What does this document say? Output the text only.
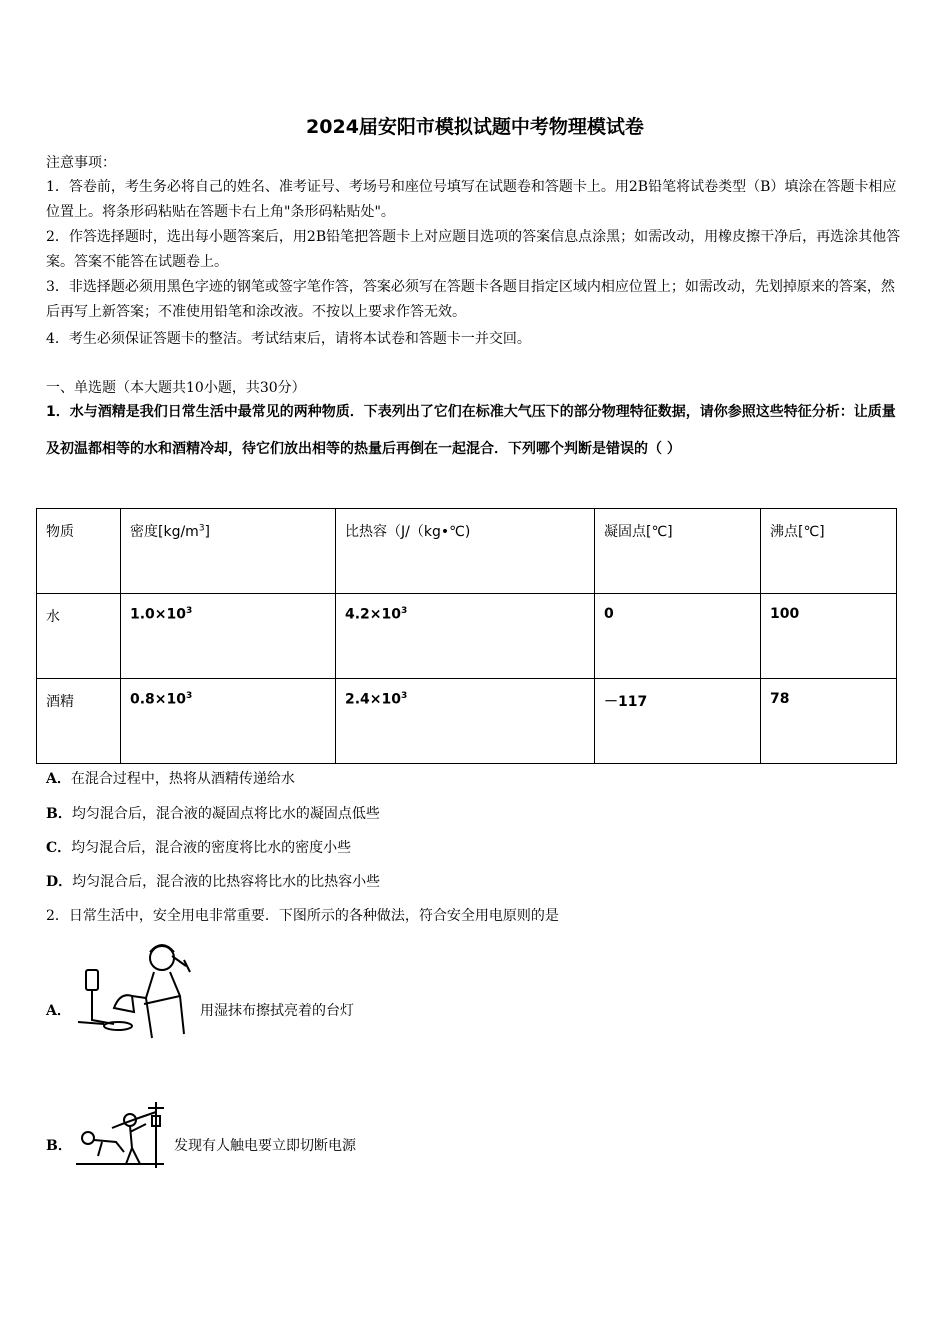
2024届安阳市模拟试题中考物理模试卷
注意事项：
1．答卷前，考生务必将自己的姓名、准考证号、考场号和座位号填写在试题卷和答题卡上。用2B铅笔将试卷类型（B）填涂在答题卡相应位置上。将条形码粘贴在答题卡右上角"条形码粘贴处"。
2．作答选择题时，选出每小题答案后，用2B铅笔把答题卡上对应题目选项的答案信息点涂黑；如需改动，用橡皮擦干净后，再选涂其他答案。答案不能答在试题卷上。
3．非选择题必须用黑色字迹的钢笔或签字笔作答，答案必须写在答题卡各题目指定区域内相应位置上；如需改动，先划掉原来的答案，然后再写上新答案；不准使用铅笔和涂改液。不按以上要求作答无效。
4．考生必须保证答题卡的整洁。考试结束后，请将本试卷和答题卡一并交回。
一、单选题（本大题共10小题，共30分）
1．水与酒精是我们日常生活中最常见的两种物质．下表列出了它们在标准大气压下的部分物理特征数据，请你参照这些特征分析：让质量及初温都相等的水和酒精冷却，待它们放出相等的热量后再倒在一起混合．下列哪个判断是错误的（ ）
物质	密度$[kg/m^3]$	比热容（J/（kg•℃)	凝固点[℃]	沸点[℃]
水	$1.0\times 10^3$	$4.2\times 10^3$	0	100
酒精	$0.8\times 10^3$	$2.4\times 10^3$	－117	78
A．在混合过程中，热将从酒精传递给水
B．均匀混合后，混合液的凝固点将比水的凝固点低些
C．均匀混合后，混合液的密度将比水的密度小些
D．均匀混合后，混合液的比热容将比水的比热容小些
2．日常生活中，安全用电非常重要．下图所示的各种做法，符合安全用电原则的是
A．	用湿抹布擦拭亮着的台灯
B．	发现有人触电要立即切断电源
